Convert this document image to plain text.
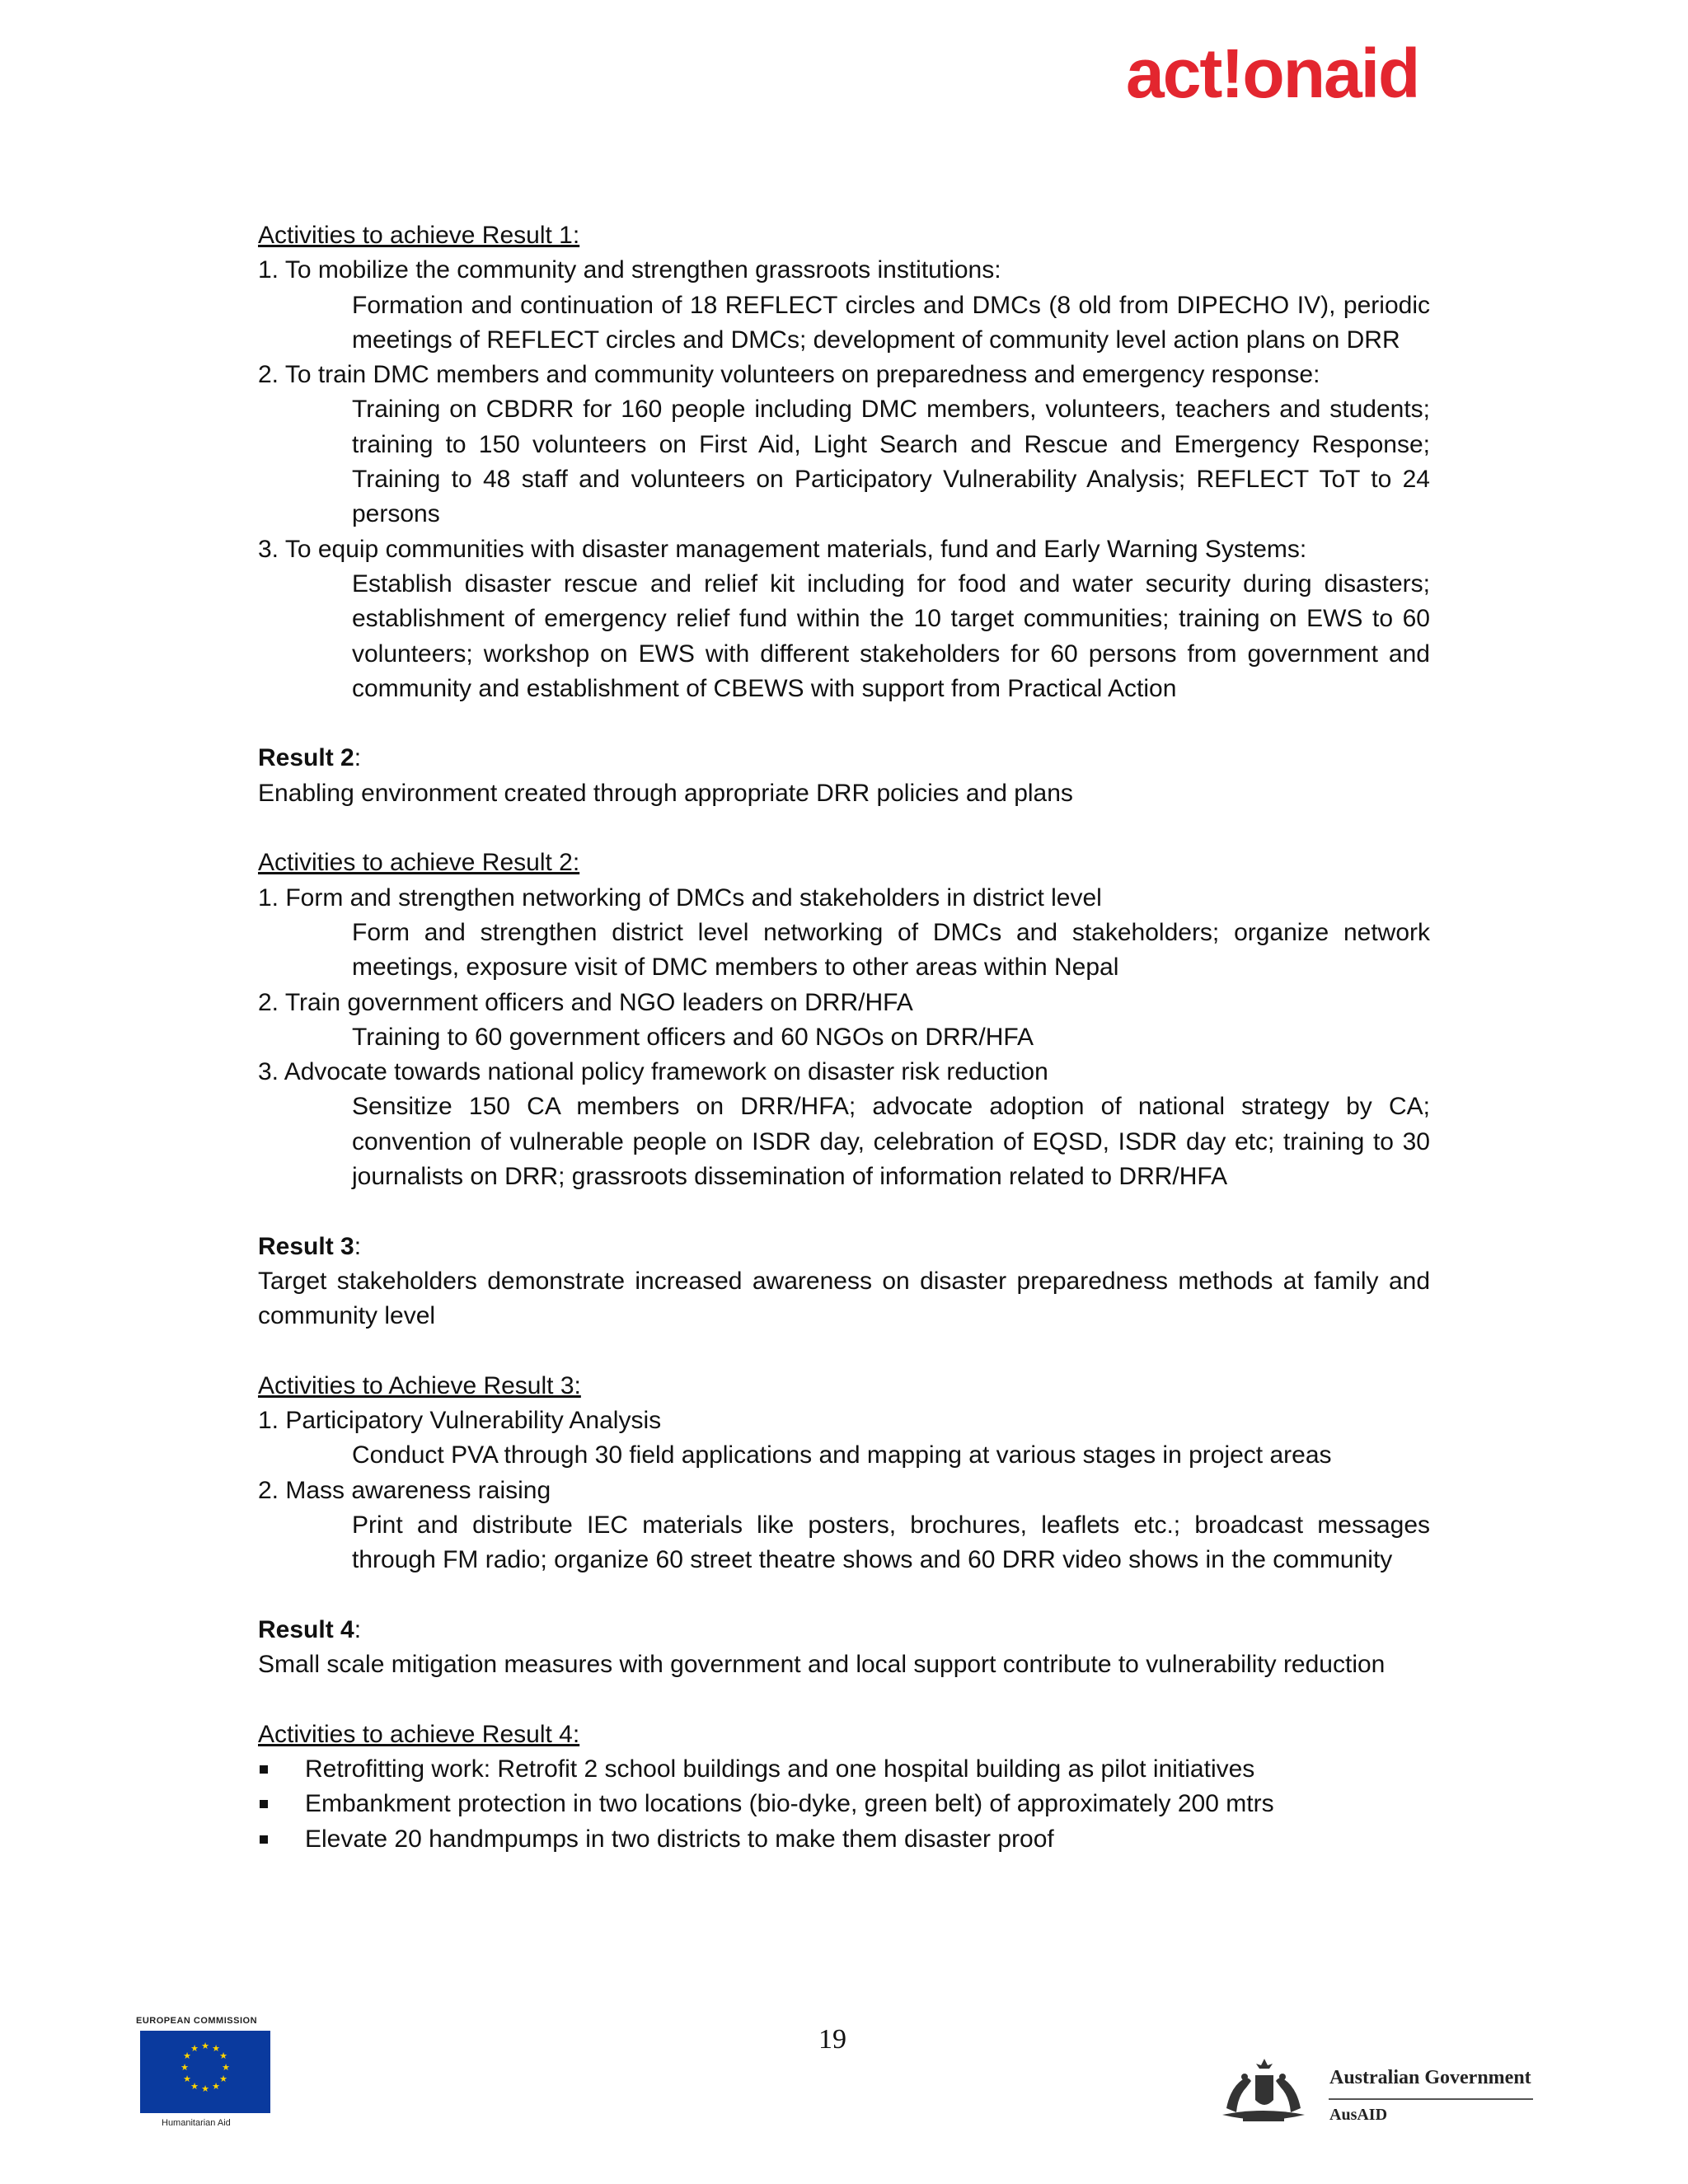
act!onaid
Activities to achieve Result 1:
1. To mobilize the community and strengthen grassroots institutions:
Formation and continuation of 18 REFLECT circles and DMCs (8 old from DIPECHO IV), periodic meetings of REFLECT circles and DMCs; development of community level action plans on DRR
2. To train DMC members and community volunteers on preparedness and emergency response:
Training on CBDRR for 160 people including DMC members, volunteers, teachers and students; training to 150 volunteers on First Aid, Light Search and Rescue and Emergency Response; Training to 48 staff and volunteers on Participatory Vulnerability Analysis; REFLECT ToT to 24 persons
3. To equip communities with disaster management materials, fund and Early Warning Systems:
Establish disaster rescue and relief kit including for food and water security during disasters; establishment of emergency relief fund within the 10 target communities; training on EWS to 60 volunteers; workshop on EWS with different stakeholders for 60 persons from government and community and establishment of CBEWS with support from Practical Action
Result 2:
Enabling environment created through appropriate DRR policies and plans
Activities to achieve Result 2:
1. Form and strengthen networking of DMCs and stakeholders in district level
Form and strengthen district level networking of DMCs and stakeholders; organize network meetings, exposure visit of DMC members to other areas within Nepal
2. Train government officers and NGO leaders on DRR/HFA
Training to 60 government officers and 60 NGOs on DRR/HFA
3. Advocate towards national policy framework on disaster risk reduction
Sensitize 150 CA members on DRR/HFA; advocate adoption of national strategy by CA; convention of vulnerable people on ISDR day, celebration of EQSD, ISDR day etc; training to 30 journalists on DRR; grassroots dissemination of information related to DRR/HFA
Result 3:
Target stakeholders demonstrate increased awareness on disaster preparedness methods at family and community level
Activities to Achieve Result 3:
1. Participatory Vulnerability Analysis
Conduct PVA through 30 field applications and mapping at various stages in project areas
2. Mass awareness raising
Print and distribute IEC materials like posters, brochures, leaflets etc.; broadcast messages through FM radio; organize 60 street theatre shows and 60 DRR video shows in the community
Result 4:
Small scale mitigation measures with government and local support contribute to vulnerability reduction
Activities to achieve Result 4:
Retrofitting work: Retrofit 2 school buildings and one hospital building as pilot initiatives
Embankment protection in two locations (bio-dyke, green belt) of approximately 200 mtrs
Elevate 20 handmpumps in two districts to make them disaster proof
19
EUROPEAN COMMISSION
★ ★
★
★
★
★
★
★
★
★
★
★
Humanitarian Aid
Australian Government
AusAID
